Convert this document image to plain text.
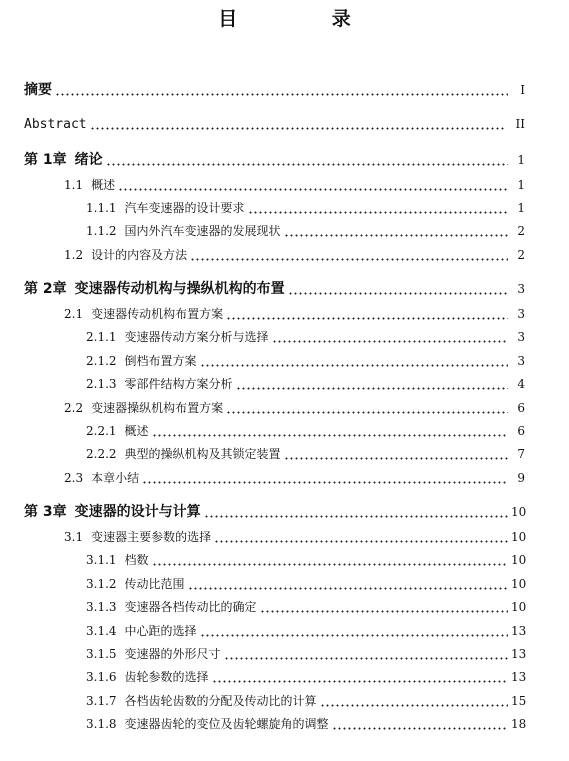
目 录
摘要	I
Abstract	II
第 1章 绪论	1
1.1 概述	1
1.1.1 汽车变速器的设计要求	1
1.1.2 国内外汽车变速器的发展现状	2
1.2 设计的内容及方法	2
第 2章 变速器传动机构与操纵机构的布置	3
2.1 变速器传动机构布置方案	3
2.1.1 变速器传动方案分析与选择	3
2.1.2 倒档布置方案	3
2.1.3 零部件结构方案分析	4
2.2 变速器操纵机构布置方案	6
2.2.1 概述	6
2.2.2 典型的操纵机构及其锁定装置	7
2.3 本章小结	9
第 3章 变速器的设计与计算	10
3.1 变速器主要参数的选择	10
3.1.1 档数	10
3.1.2 传动比范围	10
3.1.3 变速器各档传动比的确定	10
3.1.4 中心距的选择	13
3.1.5 变速器的外形尺寸	13
3.1.6 齿轮参数的选择	13
3.1.7 各档齿轮齿数的分配及传动比的计算	15
3.1.8 变速器齿轮的变位及齿轮螺旋角的调整	18
